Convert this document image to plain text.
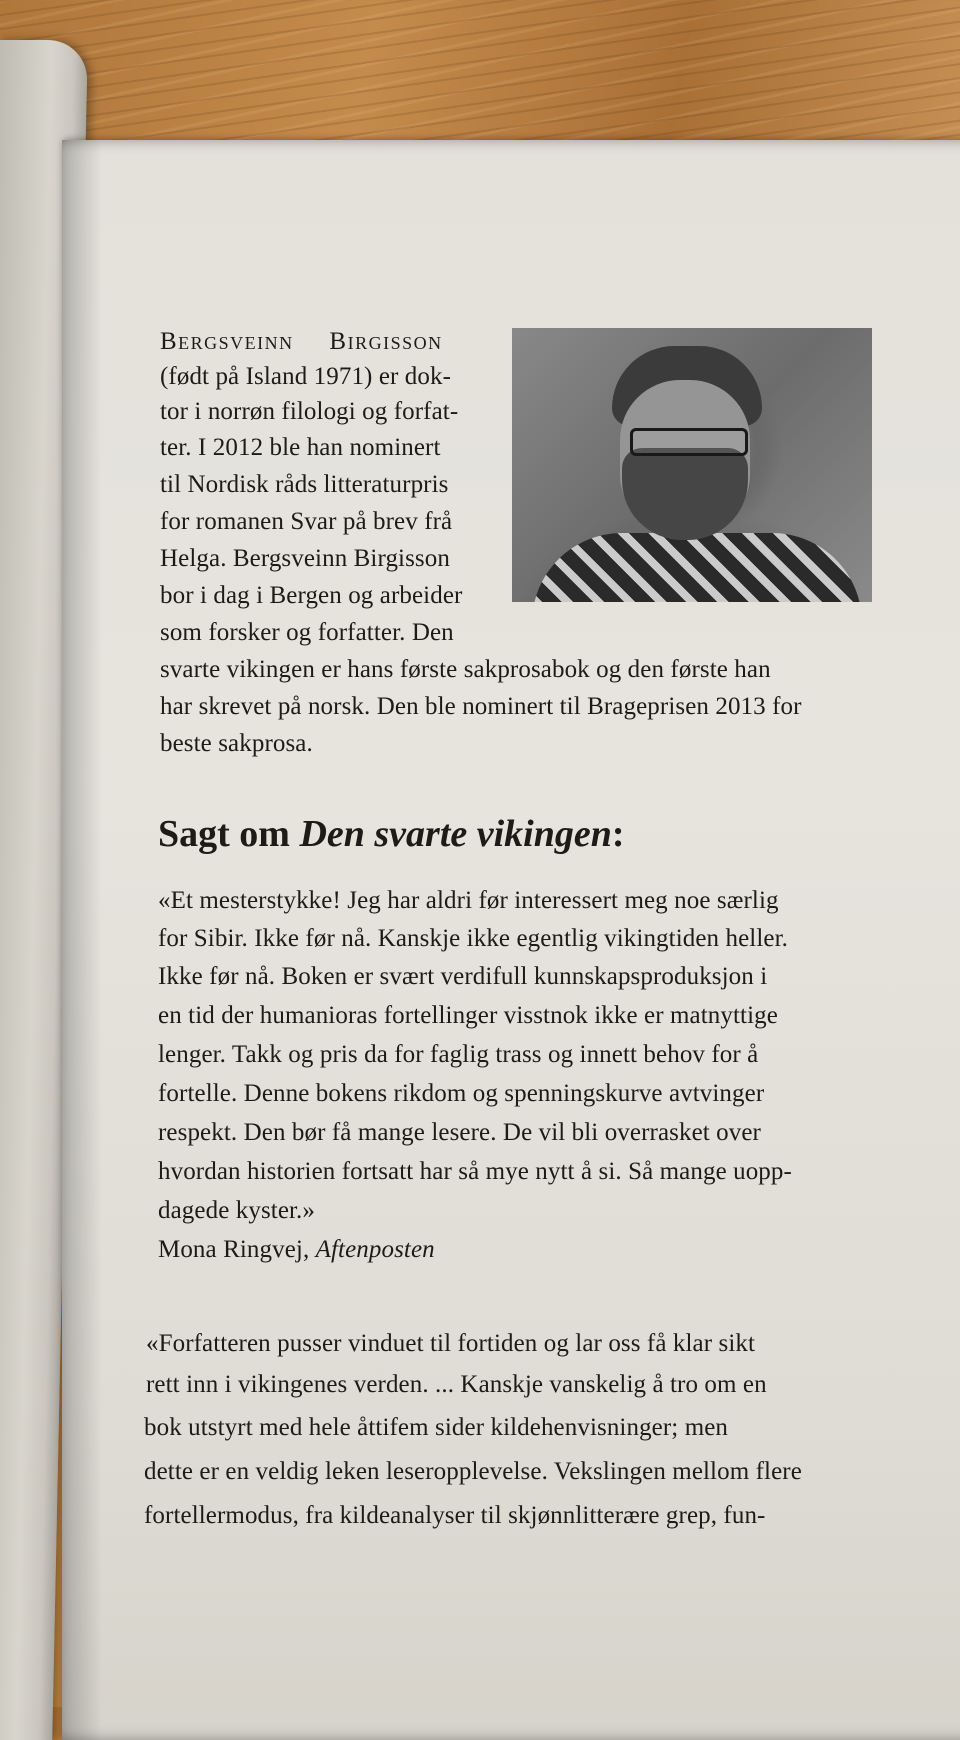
Bergsveinn Birgisson
(født på Island 1971) er dok-
tor i norrøn filologi og forfat-
ter. I 2012 ble han nominert
til Nordisk råds litteraturpris
for romanen Svar på brev frå
Helga. Bergsveinn Birgisson
bor i dag i Bergen og arbeider
som forsker og forfatter. Den
svarte vikingen er hans første sakprosabok og den første han
har skrevet på norsk. Den ble nominert til Brageprisen 2013 for
beste sakprosa.
Sagt om Den svarte vikingen:
«Et mesterstykke! Jeg har aldri før interessert meg noe særlig
for Sibir. Ikke før nå. Kanskje ikke egentlig vikingtiden heller.
Ikke før nå. Boken er svært verdifull kunnskapsproduksjon i
en tid der humanioras fortellinger visstnok ikke er matnyttige
lenger. Takk og pris da for faglig trass og innett behov for å
fortelle. Denne bokens rikdom og spenningskurve avtvinger
respekt. Den bør få mange lesere. De vil bli overrasket over
hvordan historien fortsatt har så mye nytt å si. Så mange uopp-
dagede kyster.»
Mona Ringvej, Aftenposten
«Forfatteren pusser vinduet til fortiden og lar oss få klar sikt
rett inn i vikingenes verden. ... Kanskje vanskelig å tro om en
bok utstyrt med hele åttifem sider kildehenvisninger; men
dette er en veldig leken leseropplevelse. Vekslingen mellom flere
fortellermodus, fra kildeanalyser til skjønnlitterære grep, fun-
